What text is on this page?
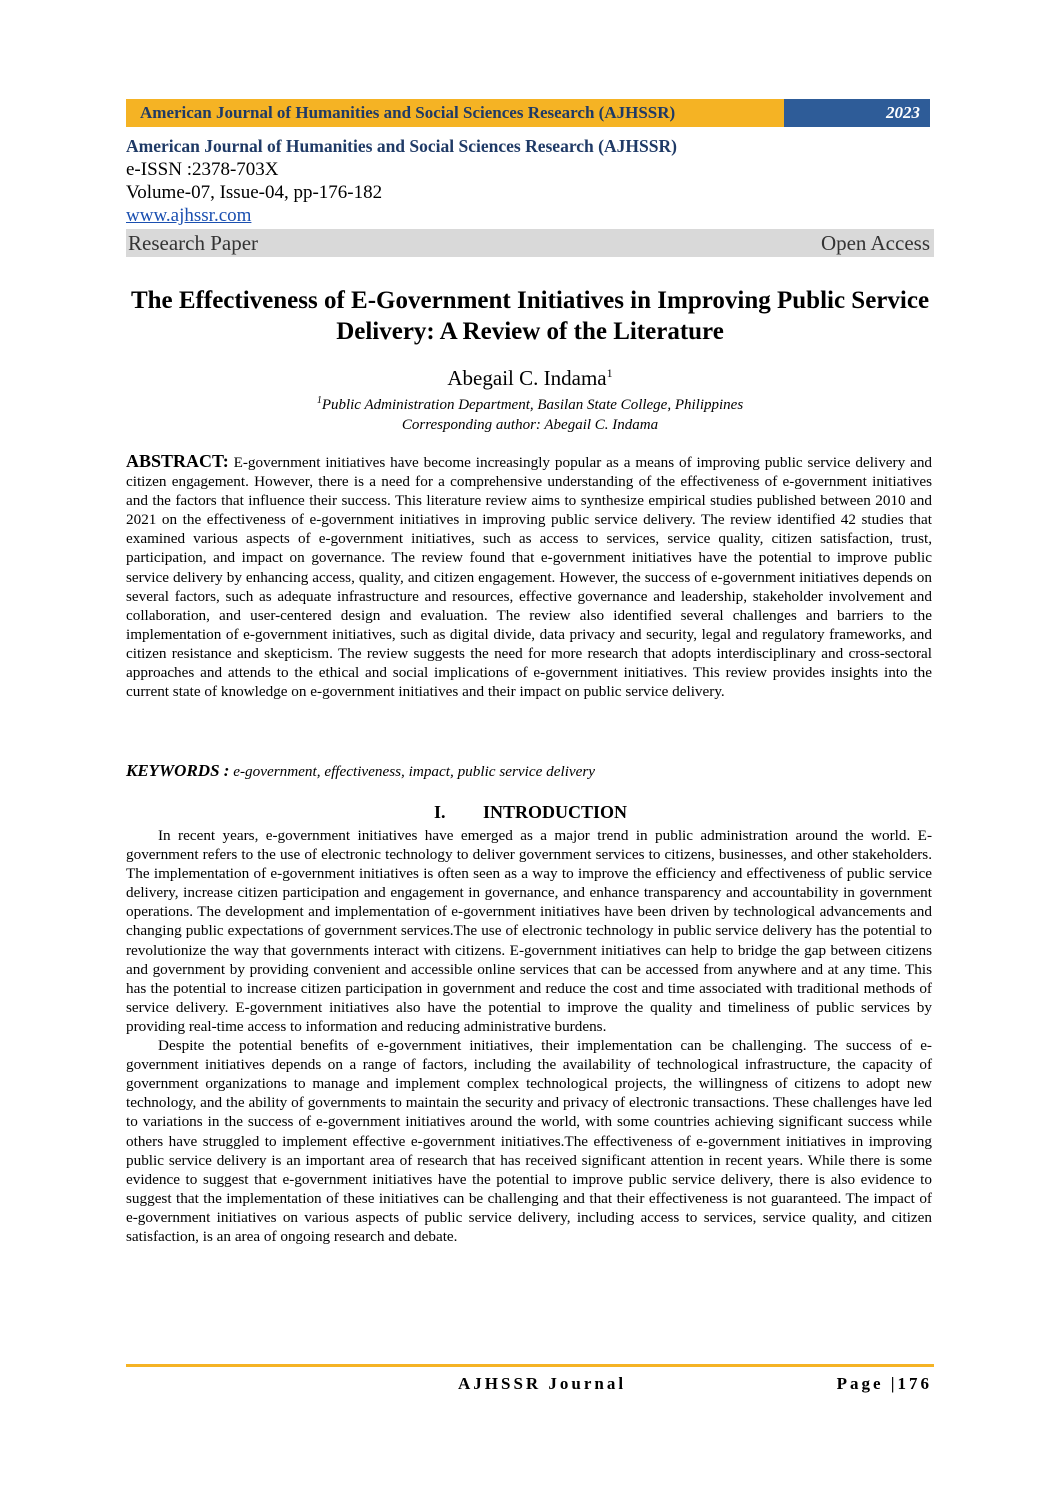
American Journal of Humanities and Social Sciences Research (AJHSSR)	2023
American Journal of Humanities and Social Sciences Research (AJHSSR)
e-ISSN :2378-703X
Volume-07, Issue-04, pp-176-182
www.ajhssr.com
Research Paper	Open Access
The Effectiveness of E-Government Initiatives in Improving Public Service Delivery: A Review of the Literature
Abegail C. Indama$^1$
$^1$Public Administration Department, Basilan State College, Philippines
Corresponding author: Abegail C. Indama
ABSTRACT: E-government initiatives have become increasingly popular as a means of improving public service delivery and citizen engagement. However, there is a need for a comprehensive understanding of the effectiveness of e-government initiatives and the factors that influence their success. This literature review aims to synthesize empirical studies published between 2010 and 2021 on the effectiveness of e-government initiatives in improving public service delivery. The review identified 42 studies that examined various aspects of e-government initiatives, such as access to services, service quality, citizen satisfaction, trust, participation, and impact on governance. The review found that e-government initiatives have the potential to improve public service delivery by enhancing access, quality, and citizen engagement. However, the success of e-government initiatives depends on several factors, such as adequate infrastructure and resources, effective governance and leadership, stakeholder involvement and collaboration, and user-centered design and evaluation. The review also identified several challenges and barriers to the implementation of e-government initiatives, such as digital divide, data privacy and security, legal and regulatory frameworks, and citizen resistance and skepticism. The review suggests the need for more research that adopts interdisciplinary and cross-sectoral approaches and attends to the ethical and social implications of e-government initiatives. This review provides insights into the current state of knowledge on e-government initiatives and their impact on public service delivery.
KEYWORDS : e-government, effectiveness, impact, public service delivery
I. INTRODUCTION

In recent years, e-government initiatives have emerged as a major trend in public administration around the world. E-government refers to the use of electronic technology to deliver government services to citizens, businesses, and other stakeholders. The implementation of e-government initiatives is often seen as a way to improve the efficiency and effectiveness of public service delivery, increase citizen participation and engagement in governance, and enhance transparency and accountability in government operations. The development and implementation of e-government initiatives have been driven by technological advancements and changing public expectations of government services.The use of electronic technology in public service delivery has the potential to revolutionize the way that governments interact with citizens. E-government initiatives can help to bridge the gap between citizens and government by providing convenient and accessible online services that can be accessed from anywhere and at any time. This has the potential to increase citizen participation in government and reduce the cost and time associated with traditional methods of service delivery. E-government initiatives also have the potential to improve the quality and timeliness of public services by providing real-time access to information and reducing administrative burdens.

Despite the potential benefits of e-government initiatives, their implementation can be challenging. The success of e-government initiatives depends on a range of factors, including the availability of technological infrastructure, the capacity of government organizations to manage and implement complex technological projects, the willingness of citizens to adopt new technology, and the ability of governments to maintain the security and privacy of electronic transactions. These challenges have led to variations in the success of e-government initiatives around the world, with some countries achieving significant success while others have struggled to implement effective e-government initiatives.The effectiveness of e-government initiatives in improving public service delivery is an important area of research that has received significant attention in recent years. While there is some evidence to suggest that e-government initiatives have the potential to improve public service delivery, there is also evidence to suggest that the implementation of these initiatives can be challenging and that their effectiveness is not guaranteed. The impact of e-government initiatives on various aspects of public service delivery, including access to services, service quality, and citizen satisfaction, is an area of ongoing research and debate.

AJHSSR Journal	Page |176
